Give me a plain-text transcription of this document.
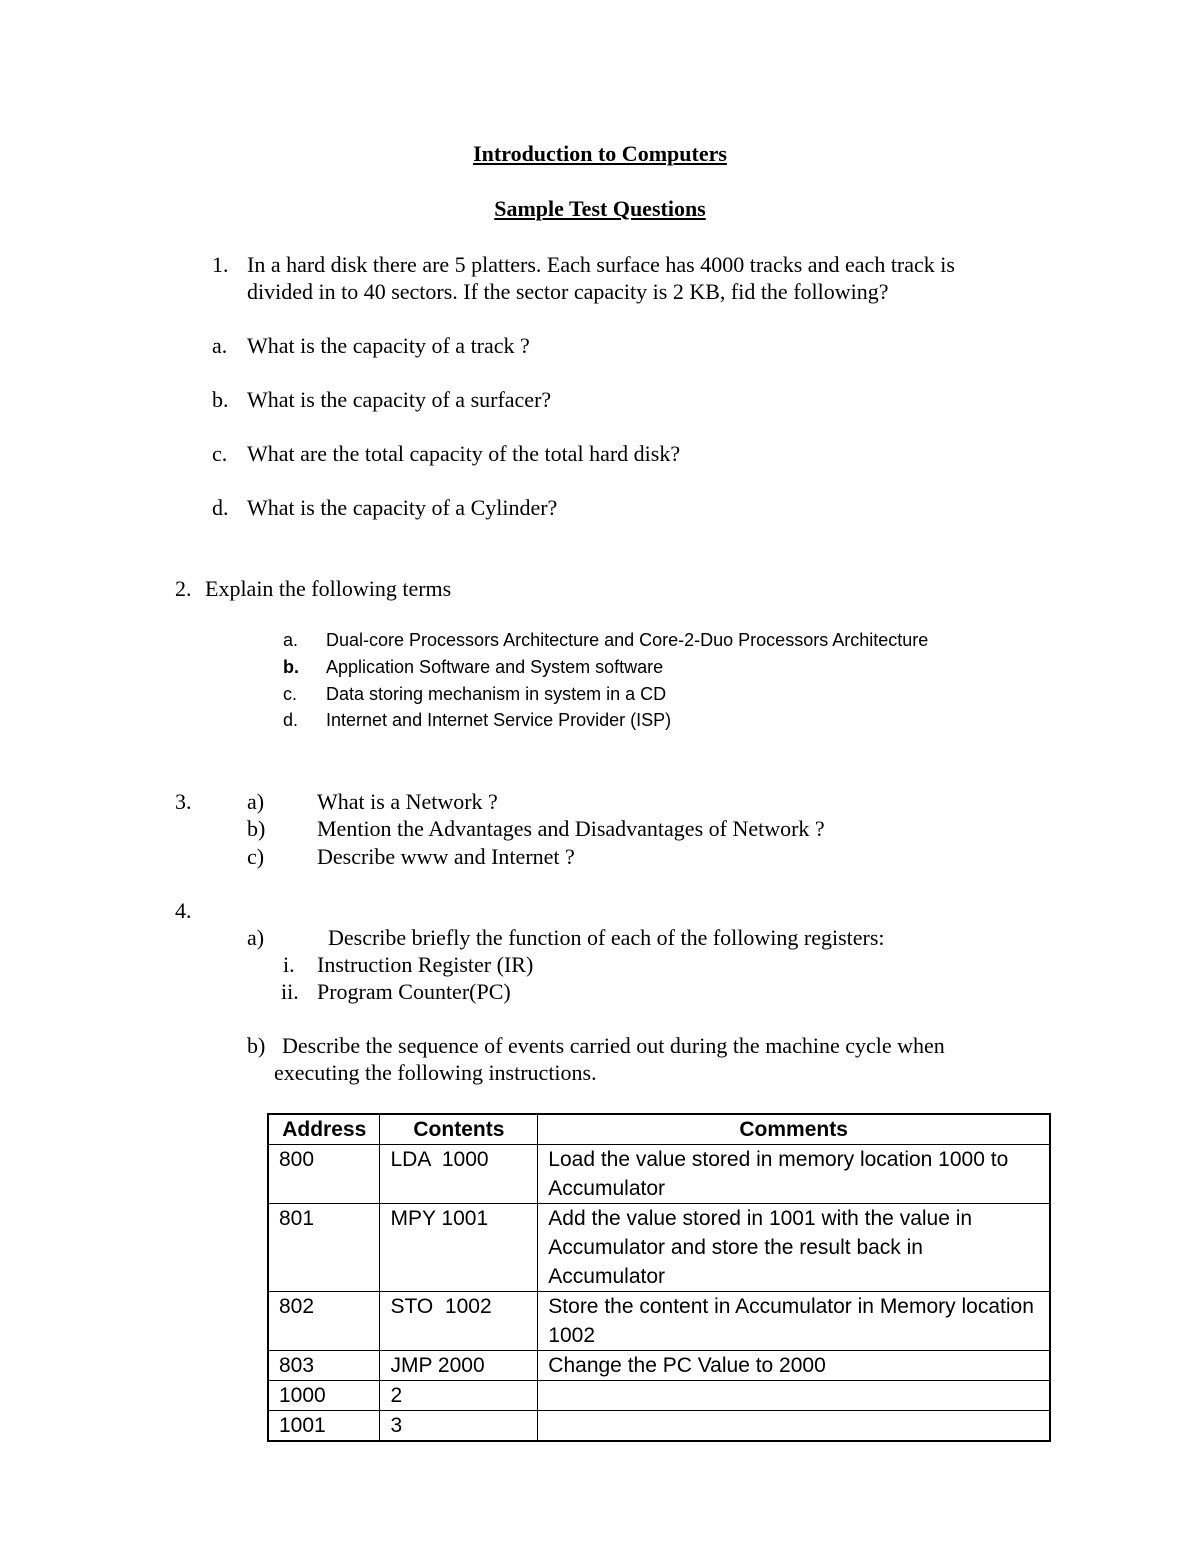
Introduction to Computers
Sample Test Questions
1. In a hard disk there are 5 platters. Each surface has 4000 tracks and each track is
divided in to 40 sectors. If the sector capacity is 2 KB, fid the following?
a. What is the capacity of a track ?
b. What is the capacity of a surfacer?
c. What are the total capacity of the total hard disk?
d. What is the capacity of a Cylinder?
2. Explain the following terms
a. Dual-core Processors Architecture and Core-2-Duo Processors Architecture
b. Application Software and System software
c. Data storing mechanism in system in a CD
d. Internet and Internet Service Provider (ISP)
3.	a) What is a Network ?
b) Mention the Advantages and Disadvantages of Network ?
c) Describe www and Internet ?
4.
a)	Describe briefly the function of each of the following registers:
i. Instruction Register (IR)
ii. Program Counter(PC)
b) Describe the sequence of events carried out during the machine cycle when
executing the following instructions.
Address	Contents	Comments
800	LDA  1000	Load the value stored in memory location 1000 to Accumulator
801	MPY 1001	Add the value stored in 1001 with the value in Accumulator and store the result back in Accumulator
802	STO  1002	Store the content in Accumulator in Memory location 1002
803	JMP 2000	Change the PC Value to 2000
1000	2	
1001	3	
